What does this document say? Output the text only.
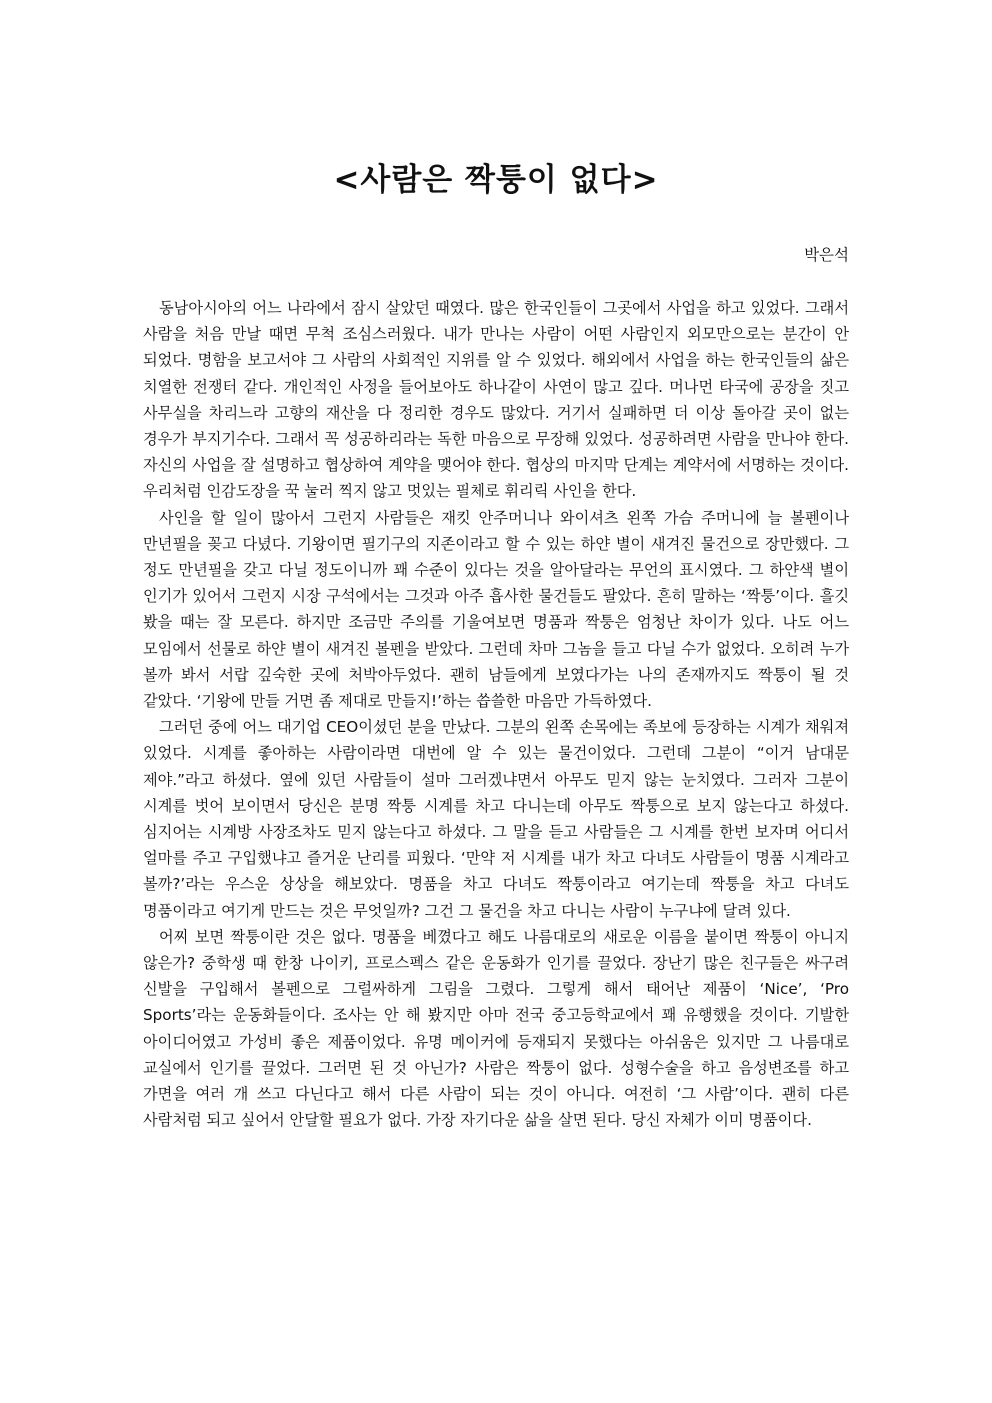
<사람은 짝퉁이 없다>

박은석

동남아시아의 어느 나라에서 잠시 살았던 때였다. 많은 한국인들이 그곳에서 사업을 하고 있었다. 그래서 사람을 처음 만날 때면 무척 조심스러웠다. 내가 만나는 사람이 어떤 사람인지 외모만으로는 분간이 안 되었다. 명함을 보고서야 그 사람의 사회적인 지위를 알 수 있었다. 해외에서 사업을 하는 한국인들의 삶은 치열한 전쟁터 같다. 개인적인 사정을 들어보아도 하나같이 사연이 많고 깊다. 머나먼 타국에 공장을 짓고 사무실을 차리느라 고향의 재산을 다 정리한 경우도 많았다. 거기서 실패하면 더 이상 돌아갈 곳이 없는 경우가 부지기수다. 그래서 꼭 성공하리라는 독한 마음으로 무장해 있었다. 성공하려면 사람을 만나야 한다. 자신의 사업을 잘 설명하고 협상하여 계약을 맺어야 한다. 협상의 마지막 단계는 계약서에 서명하는 것이다. 우리처럼 인감도장을 꾹 눌러 찍지 않고 멋있는 필체로 휘리릭 사인을 한다.

사인을 할 일이 많아서 그런지 사람들은 재킷 안주머니나 와이셔츠 왼쪽 가슴 주머니에 늘 볼펜이나 만년필을 꽂고 다녔다. 기왕이면 필기구의 지존이라고 할 수 있는 하얀 별이 새겨진 물건으로 장만했다. 그 정도 만년필을 갖고 다닐 정도이니까 꽤 수준이 있다는 것을 알아달라는 무언의 표시였다. 그 하얀색 별이 인기가 있어서 그런지 시장 구석에서는 그것과 아주 흡사한 물건들도 팔았다. 흔히 말하는 ‘짝퉁’이다. 흘깃 봤을 때는 잘 모른다. 하지만 조금만 주의를 기울여보면 명품과 짝퉁은 엄청난 차이가 있다. 나도 어느 모임에서 선물로 하얀 별이 새겨진 볼펜을 받았다. 그런데 차마 그놈을 들고 다닐 수가 없었다. 오히려 누가 볼까 봐서 서랍 깊숙한 곳에 처박아두었다. 괜히 남들에게 보였다가는 나의 존재까지도 짝퉁이 될 것 같았다. ‘기왕에 만들 거면 좀 제대로 만들지!’하는 씁쓸한 마음만 가득하였다.

그러던 중에 어느 대기업 CEO이셨던 분을 만났다. 그분의 왼쪽 손목에는 족보에 등장하는 시계가 채워져 있었다. 시계를 좋아하는 사람이라면 대번에 알 수 있는 물건이었다. 그런데 그분이 “이거 남대문 제야.”라고 하셨다. 옆에 있던 사람들이 설마 그러겠냐면서 아무도 믿지 않는 눈치였다. 그러자 그분이 시계를 벗어 보이면서 당신은 분명 짝퉁 시계를 차고 다니는데 아무도 짝퉁으로 보지 않는다고 하셨다. 심지어는 시계방 사장조차도 믿지 않는다고 하셨다. 그 말을 듣고 사람들은 그 시계를 한번 보자며 어디서 얼마를 주고 구입했냐고 즐거운 난리를 피웠다. ‘만약 저 시계를 내가 차고 다녀도 사람들이 명품 시계라고 볼까?’라는 우스운 상상을 해보았다. 명품을 차고 다녀도 짝퉁이라고 여기는데 짝퉁을 차고 다녀도 명품이라고 여기게 만드는 것은 무엇일까? 그건 그 물건을 차고 다니는 사람이 누구냐에 달려 있다.

어찌 보면 짝퉁이란 것은 없다. 명품을 베꼈다고 해도 나름대로의 새로운 이름을 붙이면 짝퉁이 아니지 않은가? 중학생 때 한창 나이키, 프로스펙스 같은 운동화가 인기를 끌었다. 장난기 많은 친구들은 싸구려 신발을 구입해서 볼펜으로 그럴싸하게 그림을 그렸다. 그렇게 해서 태어난 제품이 ‘Nice’, ‘Pro Sports’라는 운동화들이다. 조사는 안 해 봤지만 아마 전국 중고등학교에서 꽤 유행했을 것이다. 기발한 아이디어였고 가성비 좋은 제품이었다. 유명 메이커에 등재되지 못했다는 아쉬움은 있지만 그 나름대로 교실에서 인기를 끌었다. 그러면 된 것 아닌가? 사람은 짝퉁이 없다. 성형수술을 하고 음성변조를 하고 가면을 여러 개 쓰고 다닌다고 해서 다른 사람이 되는 것이 아니다. 여전히 ‘그 사람’이다. 괜히 다른 사람처럼 되고 싶어서 안달할 필요가 없다. 가장 자기다운 삶을 살면 된다. 당신 자체가 이미 명품이다.
